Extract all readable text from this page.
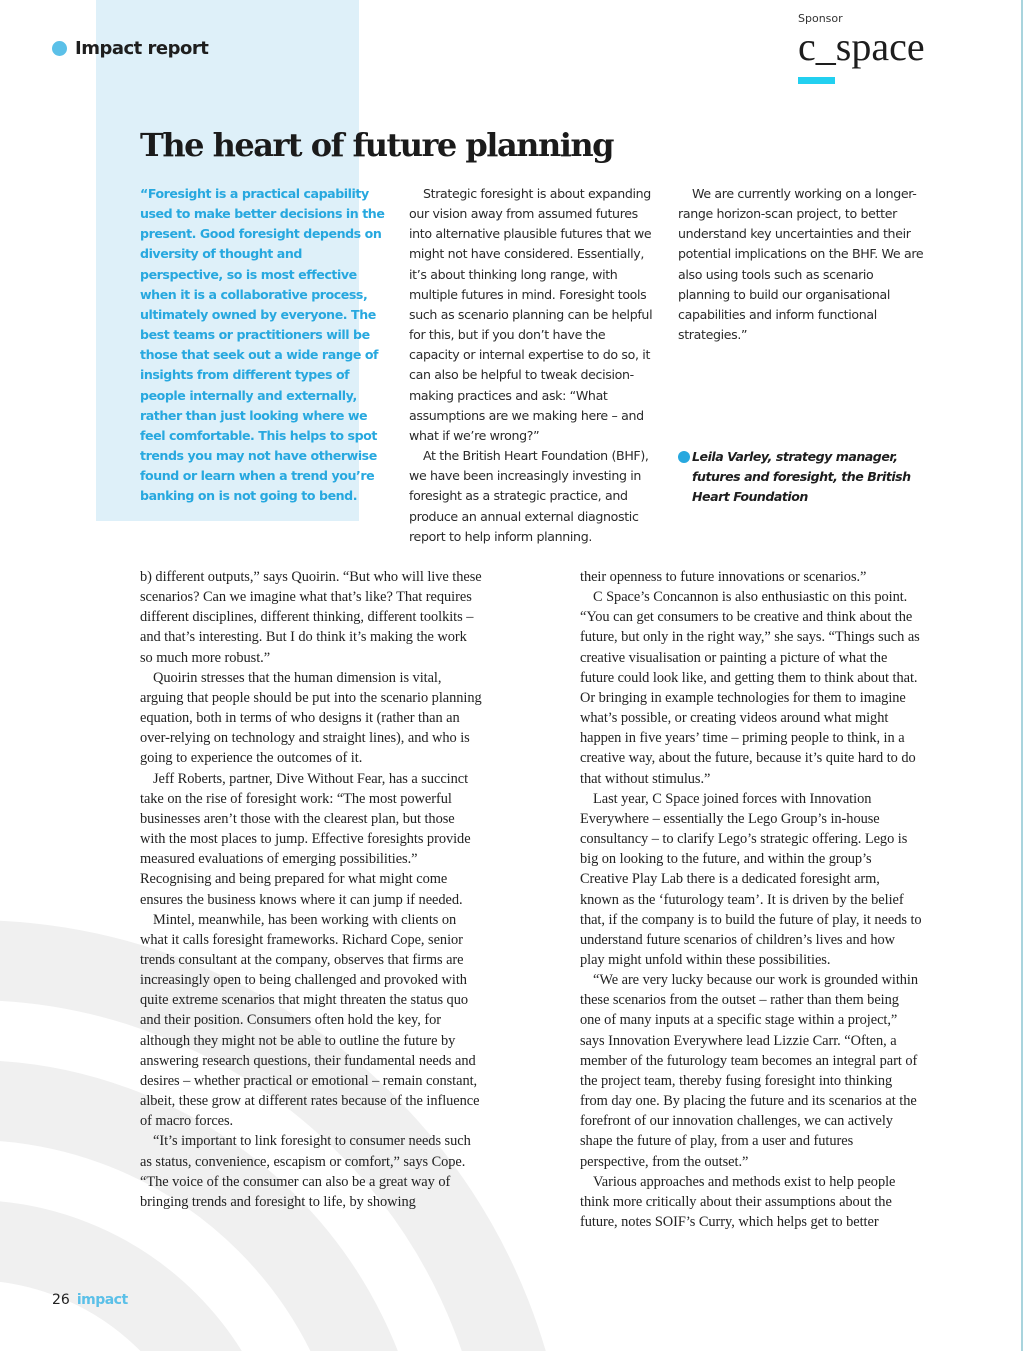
Impact report
Sponsor
c_space
The heart of future planning

“Foresight is a practical capability used to make better decisions in the present. Good foresight depends on diversity of thought and perspective, so is most effective when it is a collaborative process, ultimately owned by everyone. The best teams or practitioners will be those that seek out a wide range of insights from different types of people internally and externally, rather than just looking where we feel comfortable. This helps to spot trends you may not have otherwise found or learn when a trend you’re banking on is not going to bend.

Strategic foresight is about expanding our vision away from assumed futures into alternative plausible futures that we might not have considered. Essentially, it’s about thinking long range, with multiple futures in mind. Foresight tools such as scenario planning can be helpful for this, but if you don’t have the capacity or internal expertise to do so, it can also be helpful to tweak decision-making practices and ask: “What assumptions are we making here – and what if we’re wrong?”

At the British Heart Foundation (BHF), we have been increasingly investing in foresight as a strategic practice, and produce an annual external diagnostic report to help inform planning.

We are currently working on a longer-range horizon-scan project, to better understand key uncertainties and their potential implications on the BHF. We are also using tools such as scenario planning to build our organisational capabilities and inform functional strategies.”

Leila Varley, strategy manager, futures and foresight, the British Heart Foundation

b) different outputs,” says Quoirin. “But who will live these scenarios? Can we imagine what that’s like? That requires different disciplines, different thinking, different toolkits – and that’s interesting. But I do think it’s making the work so much more robust.”

Quoirin stresses that the human dimension is vital, arguing that people should be put into the scenario planning equation, both in terms of who designs it (rather than an over-relying on technology and straight lines), and who is going to experience the outcomes of it.

Jeff Roberts, partner, Dive Without Fear, has a succinct take on the rise of foresight work: “The most powerful businesses aren’t those with the clearest plan, but those with the most places to jump. Effective foresights provide measured evaluations of emerging possibilities.” Recognising and being prepared for what might come ensures the business knows where it can jump if needed.

Mintel, meanwhile, has been working with clients on what it calls foresight frameworks. Richard Cope, senior trends consultant at the company, observes that firms are increasingly open to being challenged and provoked with quite extreme scenarios that might threaten the status quo and their position. Consumers often hold the key, for although they might not be able to outline the future by answering research questions, their fundamental needs and desires – whether practical or emotional – remain constant, albeit, these grow at different rates because of the influence of macro forces.

“It’s important to link foresight to consumer needs such as status, convenience, escapism or comfort,” says Cope. “The voice of the consumer can also be a great way of bringing trends and foresight to life, by showing

their openness to future innovations or scenarios.”

C Space’s Concannon is also enthusiastic on this point. “You can get consumers to be creative and think about the future, but only in the right way,” she says. “Things such as creative visualisation or painting a picture of what the future could look like, and getting them to think about that. Or bringing in example technologies for them to imagine what’s possible, or creating videos around what might happen in five years’ time – priming people to think, in a creative way, about the future, because it’s quite hard to do that without stimulus.”

Last year, C Space joined forces with Innovation Everywhere – essentially the Lego Group’s in-house consultancy – to clarify Lego’s strategic offering. Lego is big on looking to the future, and within the group’s Creative Play Lab there is a dedicated foresight arm, known as the ‘futurology team’. It is driven by the belief that, if the company is to build the future of play, it needs to understand future scenarios of children’s lives and how play might unfold within these possibilities.

“We are very lucky because our work is grounded within these scenarios from the outset – rather than them being one of many inputs at a specific stage within a project,” says Innovation Everywhere lead Lizzie Carr. “Often, a member of the futurology team becomes an integral part of the project team, thereby fusing foresight into thinking from day one. By placing the future and its scenarios at the forefront of our innovation challenges, we can actively shape the future of play, from a user and futures perspective, from the outset.”

Various approaches and methods exist to help people think more critically about their assumptions about the future, notes SOIF’s Curry, which helps get to better

26 impact
